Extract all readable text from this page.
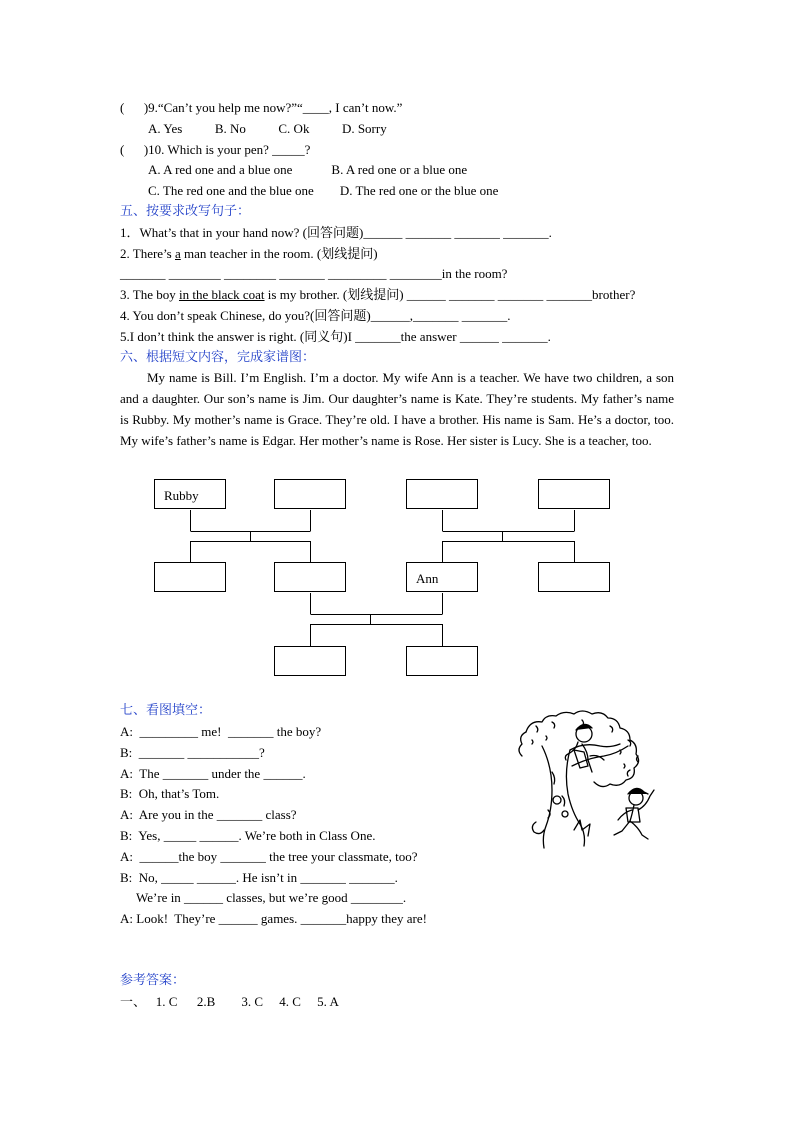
(      )9.“Can’t you help me now?”“____, I can’t now.”
A. Yes          B. No          C. Ok          D. Sorry
(      )10. Which is your pen? _____?
A. A red one and a blue one            B. A red one or a blue one
C. The red one and the blue one        D. The red one or the blue one
五、按要求改写句子：
1．What’s that in your hand now? (回答问题)______ _______ _______ _______.
2. There’s a man teacher in the room. (划线提问)
_______ ________ ________ _______ _________ ________in the room?
3. The boy in the black coat is my brother. (划线提问) ______ _______ _______ _______brother?
4. You don’t speak Chinese, do you?(回答问题)______,_______ _______.
5.I don’t think the answer is right. (同义句)I _______the answer ______ _______.
六、根据短文内容，完成家谱图：
My name is Bill. I’m English. I’m a doctor. My wife Ann is a teacher. We have two children, a son and a daughter. Our son’s name is Jim. Our daughter’s name is Kate. They’re students. My father’s name is Rubby. My mother’s name is Grace. They’re old. I have a brother. His name is Sam. He’s a doctor, too. My wife’s father’s name is Edgar. Her mother’s name is Rose. Her sister is Lucy. She is a teacher, too.
Rubby
Ann
七、看图填空：
A:  _________ me!  _______ the boy?
B:  _______ ___________?
A:  The _______ under the ______.
B:  Oh, that’s Tom.
A:  Are you in the _______ class?
B:  Yes, _____ ______. We’re both in Class One.
A:  ______the boy _______ the tree your classmate, too?
B:  No, _____ ______. He isn’t in _______ _______.
We’re in ______ classes, but we’re good ________.
A: Look!  They’re ______ games. _______happy they are!
参考答案：
一、   1. C      2.B        3. C     4. C     5. A
